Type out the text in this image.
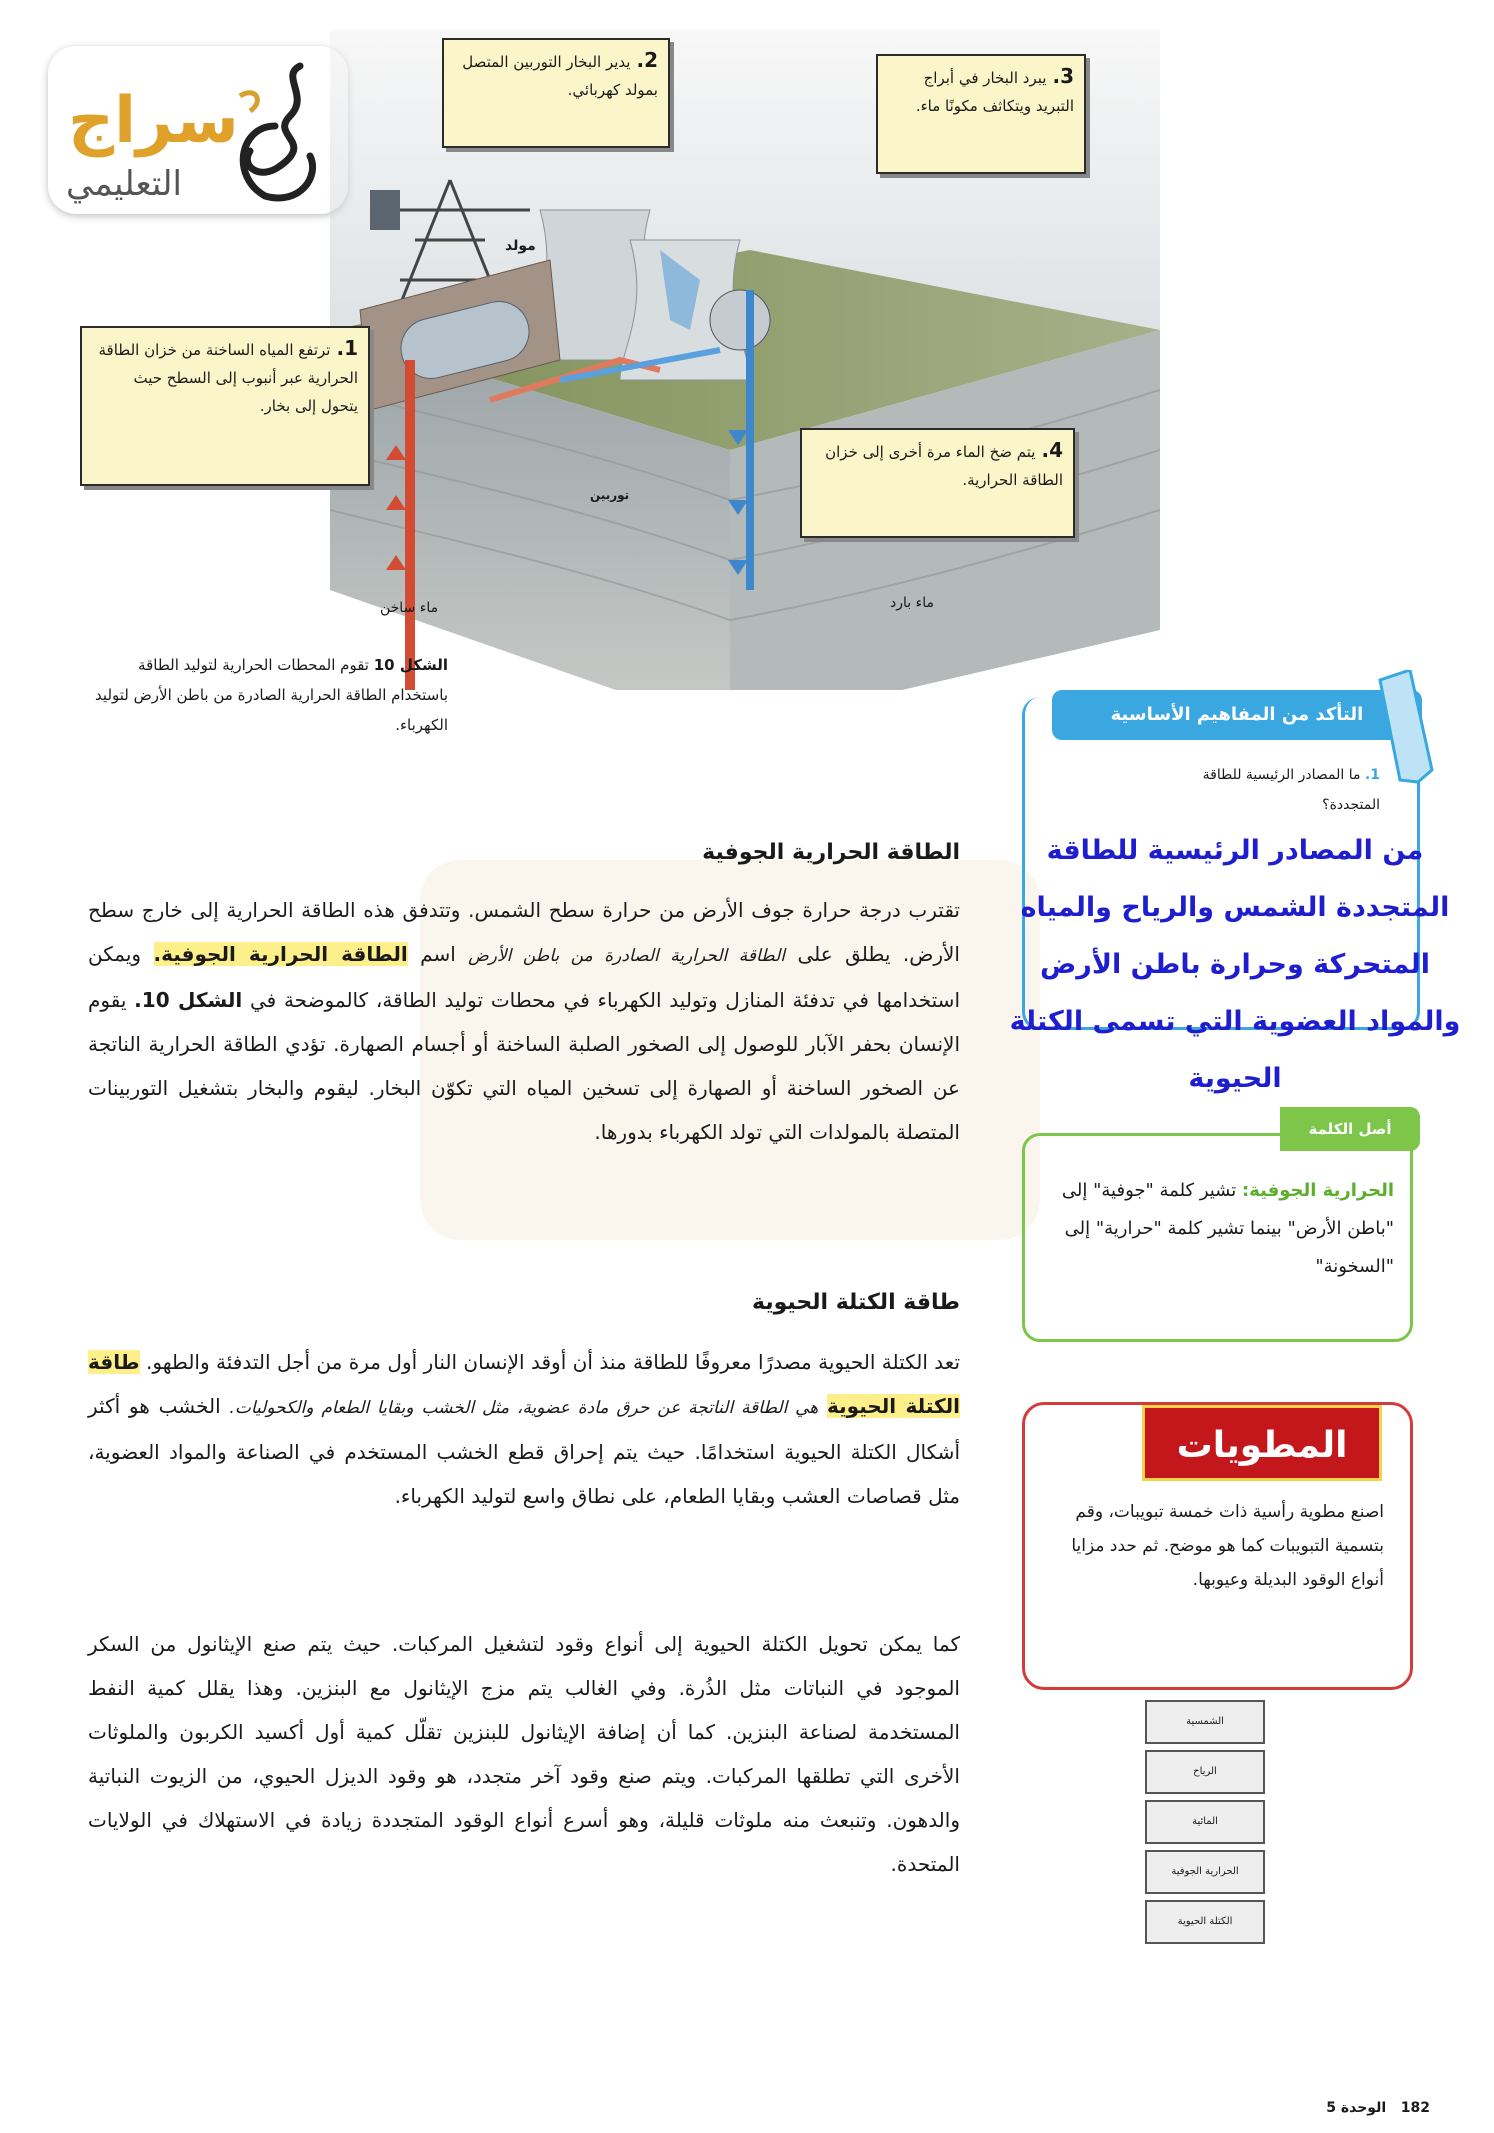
سراج
التعليمي
2.يدير البخار التوربين المتصل بمولد كهربائي.
3.يبرد البخار في أبراج التبريد ويتكاثف مكونًا ماء.
1.ترتفع المياه الساخنة من خزان الطاقة الحرارية عبر أنبوب إلى السطح حيث يتحول إلى بخار.
4.يتم ضخ الماء مرة أخرى إلى خزان الطاقة الحرارية.
مولد
توربين
ماء ساخن	ماء بارد
الشكل 10 تقوم المحطات الحرارية لتوليد الطاقة باستخدام الطاقة الحرارية الصادرة من باطن الأرض لتوليد الكهرباء.	التأكد من المفاهيم الأساسية
1. ما المصادر الرئيسية للطاقة المتجددة؟
من المصادر الرئيسية للطاقة المتجددة الشمس والرياح والمياه المتحركة وحرارة باطن الأرض والمواد العضوية التي تسمى الكتلة الحيوية
الطاقة الحرارية الجوفية
تقترب درجة حرارة جوف الأرض من حرارة سطح الشمس. وتتدفق هذه الطاقة الحرارية إلى خارج سطح الأرض. يطلق على الطاقة الحرارية الصادرة من باطن الأرض اسم الطاقة الحرارية الجوفية. ويمكن استخدامها في تدفئة المنازل وتوليد الكهرباء في محطات توليد الطاقة، كالموضحة في الشكل 10. يقوم الإنسان بحفر الآبار للوصول إلى الصخور الصلبة الساخنة أو أجسام الصهارة. تؤدي الطاقة الحرارية الناتجة عن الصخور الساخنة أو الصهارة إلى تسخين المياه التي تكوّن البخار. ليقوم والبخار بتشغيل التوربينات المتصلة بالمولدات التي تولد الكهرباء بدورها.
طاقة الكتلة الحيوية
تعد الكتلة الحيوية مصدرًا معروفًا للطاقة منذ أن أوقد الإنسان النار أول مرة من أجل التدفئة والطهو. طاقة الكتلة الحيوية هي الطاقة الناتجة عن حرق مادة عضوية، مثل الخشب وبقايا الطعام والكحوليات. الخشب هو أكثر أشكال الكتلة الحيوية استخدامًا. حيث يتم إحراق قطع الخشب المستخدم في الصناعة والمواد العضوية، مثل قصاصات العشب وبقايا الطعام، على نطاق واسع لتوليد الكهرباء.
كما يمكن تحويل الكتلة الحيوية إلى أنواع وقود لتشغيل المركبات. حيث يتم صنع الإيثانول من السكر الموجود في النباتات مثل الذُرة. وفي الغالب يتم مزج الإيثانول مع البنزين. وهذا يقلل كمية النفط المستخدمة لصناعة البنزين. كما أن إضافة الإيثانول للبنزين تقلّل كمية أول أكسيد الكربون والملوثات الأخرى التي تطلقها المركبات. ويتم صنع وقود آخر متجدد، هو وقود الديزل الحيوي، من الزيوت النباتية والدهون. وتنبعث منه ملوثات قليلة، وهو أسرع أنواع الوقود المتجددة زيادة في الاستهلاك في الولايات المتحدة.
أصل الكلمة
الحرارية الجوفية: تشير كلمة "جوفية" إلى "باطن الأرض" بينما تشير كلمة "حرارية" إلى "السخونة"
المطويات
اصنع مطوية رأسية ذات خمسة تبويبات، وقم بتسمية التبويبات كما هو موضح. ثم حدد مزايا أنواع الوقود البديلة وعيوبها.
الشمسية
الرياح
المائية
الحرارية الجوفية
الكتلة الحيوية
182   الوحدة 5
